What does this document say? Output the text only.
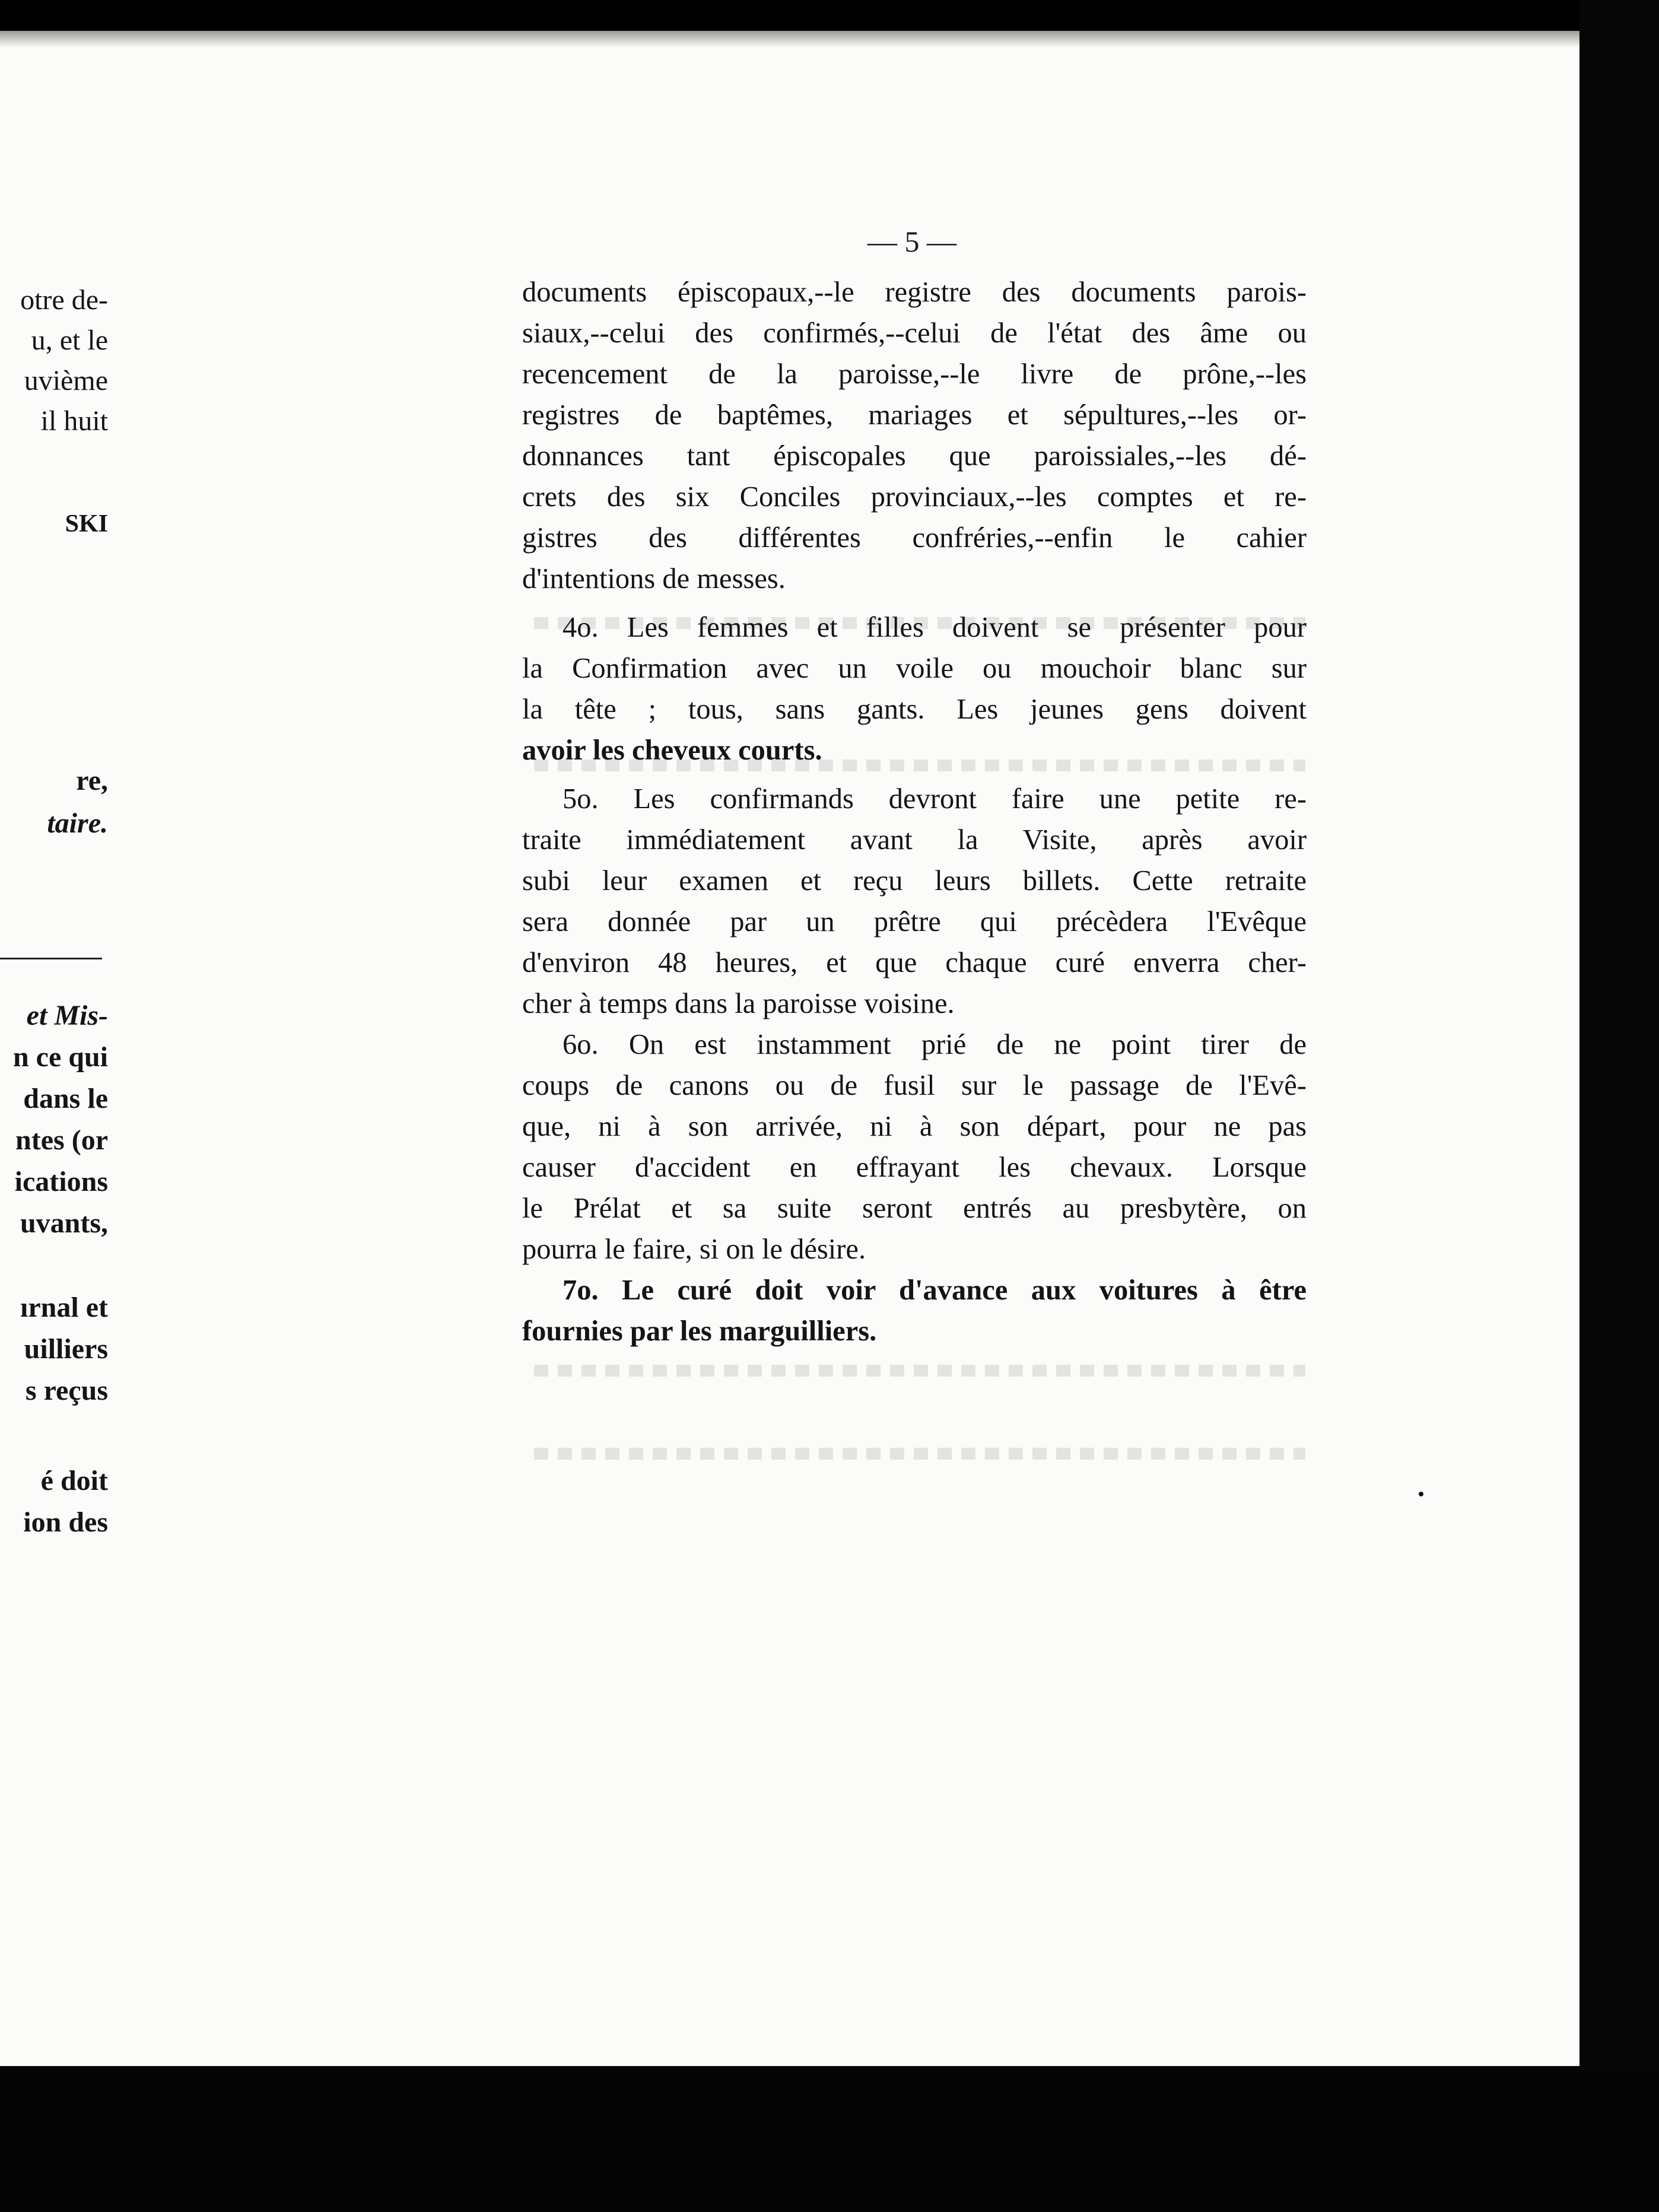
otre de-

u, et le

uvième

il huit

SKI

re,

taire.

et Mis-

n ce qui

dans le

ntes (or

ications

uvants,

ırnal et

uilliers

s reçus

é doit

ion des

— 5 —

documents épiscopaux,--le registre des documents parois-
siaux,--celui des confirmés,--celui de l'état des âme ou
recencement de la paroisse,--le livre de prône,--les
registres de baptêmes, mariages et sépultures,--les or-
donnances tant épiscopales que paroissiales,--les dé-
crets des six Conciles provinciaux,--les comptes et re-
gistres des différentes confréries,--enfin le cahier
d'intentions de messes.

4o. Les femmes et filles doivent se présenter pour
la Confirmation avec un voile ou mouchoir blanc sur
la tête ; tous, sans gants. Les jeunes gens doivent
avoir les cheveux courts.

5o. Les confirmands devront faire une petite re-
traite immédiatement avant la Visite, après avoir
subi leur examen et reçu leurs billets. Cette retraite
sera donnée par un prêtre qui précèdera l'Evêque
d'environ 48 heures, et que chaque curé enverra cher-
cher à temps dans la paroisse voisine.

6o. On est instamment prié de ne point tirer de
coups de canons ou de fusil sur le passage de l'Evê-
que, ni à son arrivée, ni à son départ, pour ne pas
causer d'accident en effrayant les chevaux. Lorsque
le Prélat et sa suite seront entrés au presbytère, on
pourra le faire, si on le désire.

7o. Le curé doit voir d'avance aux voitures à être
fournies par les marguilliers.
